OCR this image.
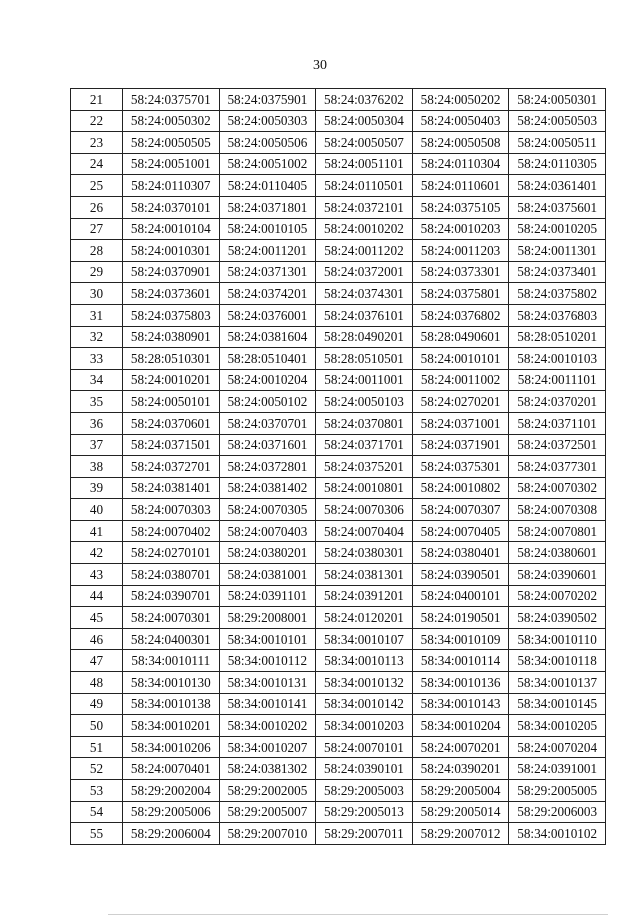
30
21	58:24:0375701	58:24:0375901	58:24:0376202	58:24:0050202	58:24:0050301
22	58:24:0050302	58:24:0050303	58:24:0050304	58:24:0050403	58:24:0050503
23	58:24:0050505	58:24:0050506	58:24:0050507	58:24:0050508	58:24:0050511
24	58:24:0051001	58:24:0051002	58:24:0051101	58:24:0110304	58:24:0110305
25	58:24:0110307	58:24:0110405	58:24:0110501	58:24:0110601	58:24:0361401
26	58:24:0370101	58:24:0371801	58:24:0372101	58:24:0375105	58:24:0375601
27	58:24:0010104	58:24:0010105	58:24:0010202	58:24:0010203	58:24:0010205
28	58:24:0010301	58:24:0011201	58:24:0011202	58:24:0011203	58:24:0011301
29	58:24:0370901	58:24:0371301	58:24:0372001	58:24:0373301	58:24:0373401
30	58:24:0373601	58:24:0374201	58:24:0374301	58:24:0375801	58:24:0375802
31	58:24:0375803	58:24:0376001	58:24:0376101	58:24:0376802	58:24:0376803
32	58:24:0380901	58:24:0381604	58:28:0490201	58:28:0490601	58:28:0510201
33	58:28:0510301	58:28:0510401	58:28:0510501	58:24:0010101	58:24:0010103
34	58:24:0010201	58:24:0010204	58:24:0011001	58:24:0011002	58:24:0011101
35	58:24:0050101	58:24:0050102	58:24:0050103	58:24:0270201	58:24:0370201
36	58:24:0370601	58:24:0370701	58:24:0370801	58:24:0371001	58:24:0371101
37	58:24:0371501	58:24:0371601	58:24:0371701	58:24:0371901	58:24:0372501
38	58:24:0372701	58:24:0372801	58:24:0375201	58:24:0375301	58:24:0377301
39	58:24:0381401	58:24:0381402	58:24:0010801	58:24:0010802	58:24:0070302
40	58:24:0070303	58:24:0070305	58:24:0070306	58:24:0070307	58:24:0070308
41	58:24:0070402	58:24:0070403	58:24:0070404	58:24:0070405	58:24:0070801
42	58:24:0270101	58:24:0380201	58:24:0380301	58:24:0380401	58:24:0380601
43	58:24:0380701	58:24:0381001	58:24:0381301	58:24:0390501	58:24:0390601
44	58:24:0390701	58:24:0391101	58:24:0391201	58:24:0400101	58:24:0070202
45	58:24:0070301	58:29:2008001	58:24:0120201	58:24:0190501	58:24:0390502
46	58:24:0400301	58:34:0010101	58:34:0010107	58:34:0010109	58:34:0010110
47	58:34:0010111	58:34:0010112	58:34:0010113	58:34:0010114	58:34:0010118
48	58:34:0010130	58:34:0010131	58:34:0010132	58:34:0010136	58:34:0010137
49	58:34:0010138	58:34:0010141	58:34:0010142	58:34:0010143	58:34:0010145
50	58:34:0010201	58:34:0010202	58:34:0010203	58:34:0010204	58:34:0010205
51	58:34:0010206	58:34:0010207	58:24:0070101	58:24:0070201	58:24:0070204
52	58:24:0070401	58:24:0381302	58:24:0390101	58:24:0390201	58:24:0391001
53	58:29:2002004	58:29:2002005	58:29:2005003	58:29:2005004	58:29:2005005
54	58:29:2005006	58:29:2005007	58:29:2005013	58:29:2005014	58:29:2006003
55	58:29:2006004	58:29:2007010	58:29:2007011	58:29:2007012	58:34:0010102
